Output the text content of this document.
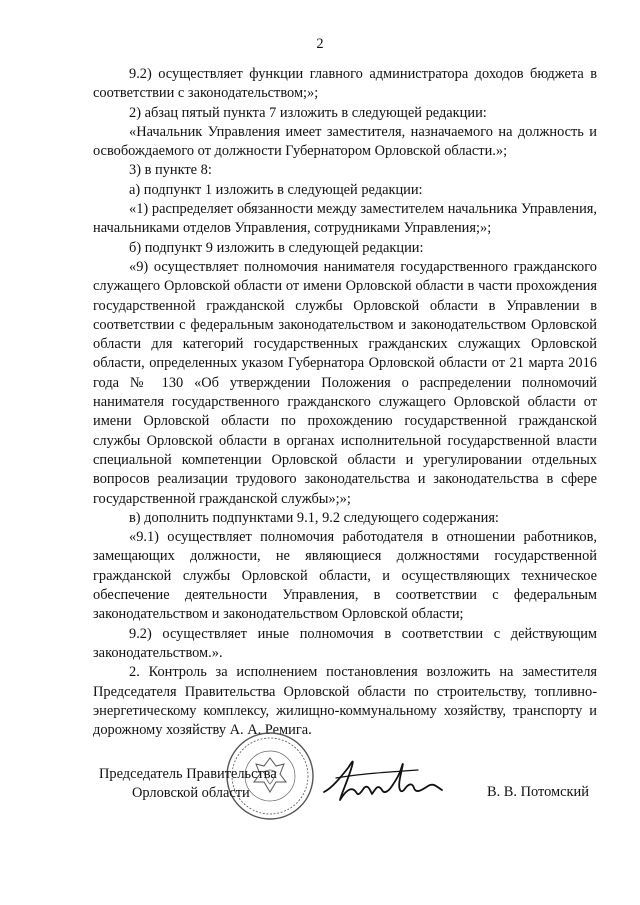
2

9.2) осуществляет функции главного администратора доходов бюджета в соответствии с законодательством;»;

2) абзац пятый пункта 7 изложить в следующей редакции:

«Начальник Управления имеет заместителя, назначаемого на должность и освобождаемого от должности Губернатором Орловской области.»;

3) в пункте 8:

а) подпункт 1 изложить в следующей редакции:

«1) распределяет обязанности между заместителем начальника Управления, начальниками отделов Управления, сотрудниками Управления;»;

б) подпункт 9 изложить в следующей редакции:

«9) осуществляет полномочия нанимателя государственного гражданского служащего Орловской области от имени Орловской области в части прохождения государственной гражданской службы Орловской области в Управлении в соответствии с федеральным законодательством и законодательством Орловской области для категорий государственных гражданских служащих Орловской области, определенных указом Губернатора Орловской области от 21 марта 2016 года № 130 «Об утверждении Положения о распределении полномочий нанимателя государственного гражданского служащего Орловской области от имени Орловской области по прохождению государственной гражданской службы Орловской области в органах исполнительной государственной власти специальной компетенции Орловской области и урегулировании отдельных вопросов реализации трудового законодательства и законодательства в сфере государственной гражданской службы»;»;

в) дополнить подпунктами 9.1, 9.2 следующего содержания:

«9.1) осуществляет полномочия работодателя в отношении работников, замещающих должности, не являющиеся должностями государственной гражданской службы Орловской области, и осуществляющих техническое обеспечение деятельности Управления, в соответствии с федеральным законодательством и законодательством Орловской области;

9.2) осуществляет иные полномочия в соответствии с действующим законодательством.».

2. Контроль за исполнением постановления возложить на заместителя Председателя Правительства Орловской области по строительству, топливно-энергетическому комплексу, жилищно-коммунальному хозяйству, транспорту и дорожному хозяйству А. А. Ремига.

Председатель Правительства
Орловской области	В. В. Потомский
